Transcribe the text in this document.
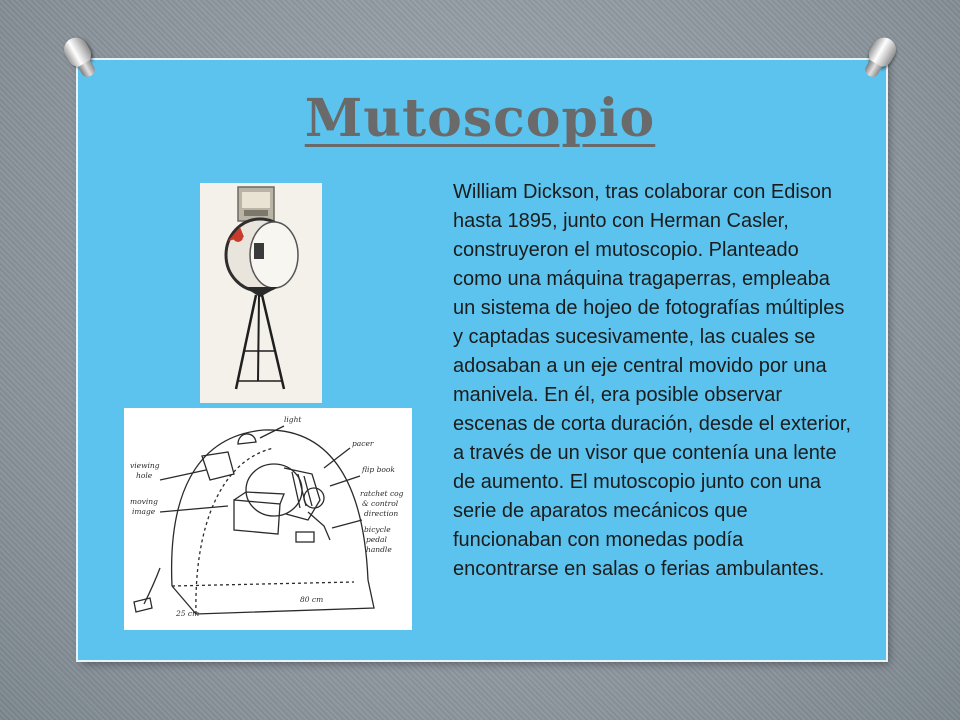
Mutoscopio
light
pacer
flip book
viewing
hole
moving
image
ratchet cog
& control
direction
bicycle
pedal
handle
25 cm
80 cm

William Dickson, tras colaborar con Edison hasta 1895, junto con Herman Casler, construyeron el mutoscopio. Planteado como una máquina tragaperras, empleaba un sistema de hojeo de fotografías múltiples y captadas sucesivamente, las cuales se adosaban a un eje central movido por una manivela. En él, era posible observar escenas de corta duración, desde el exterior, a través de un visor que contenía una lente de aumento. El mutoscopio junto con una serie de aparatos mecánicos que funcionaban con monedas podía encontrarse en salas o ferias ambulantes.
